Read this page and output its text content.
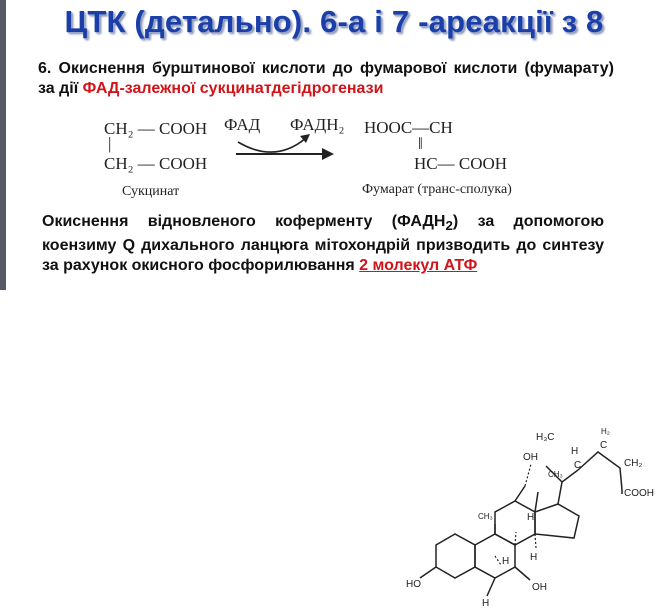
ЦТК (детально). 6-а і 7 -ареакції з 8
6. Окиснення бурштинової кислоти до фумарової кислоти (фумарату) за дії ФАД-залежної сукцинатдегідрогенази
CH₂ — COOH
|
CH₂ — COOH
Сукцинат
ФАД ФАДН₂ HOOC—CH
‖
HC— COOH
Фумарат (транс-сполука)
Окиснення відновленого коферменту $(ФАДН_2)$ за допомогою коензиму Q дихального ланцюга мітохондрій призводить до синтезу за рахунок окисного фосфорилювання 2 молекул АТФ
OH
H₃C
H
C
H₂
C
CH₂
COOH
CH₃
CH₃	H
H H
HO	OH
H
